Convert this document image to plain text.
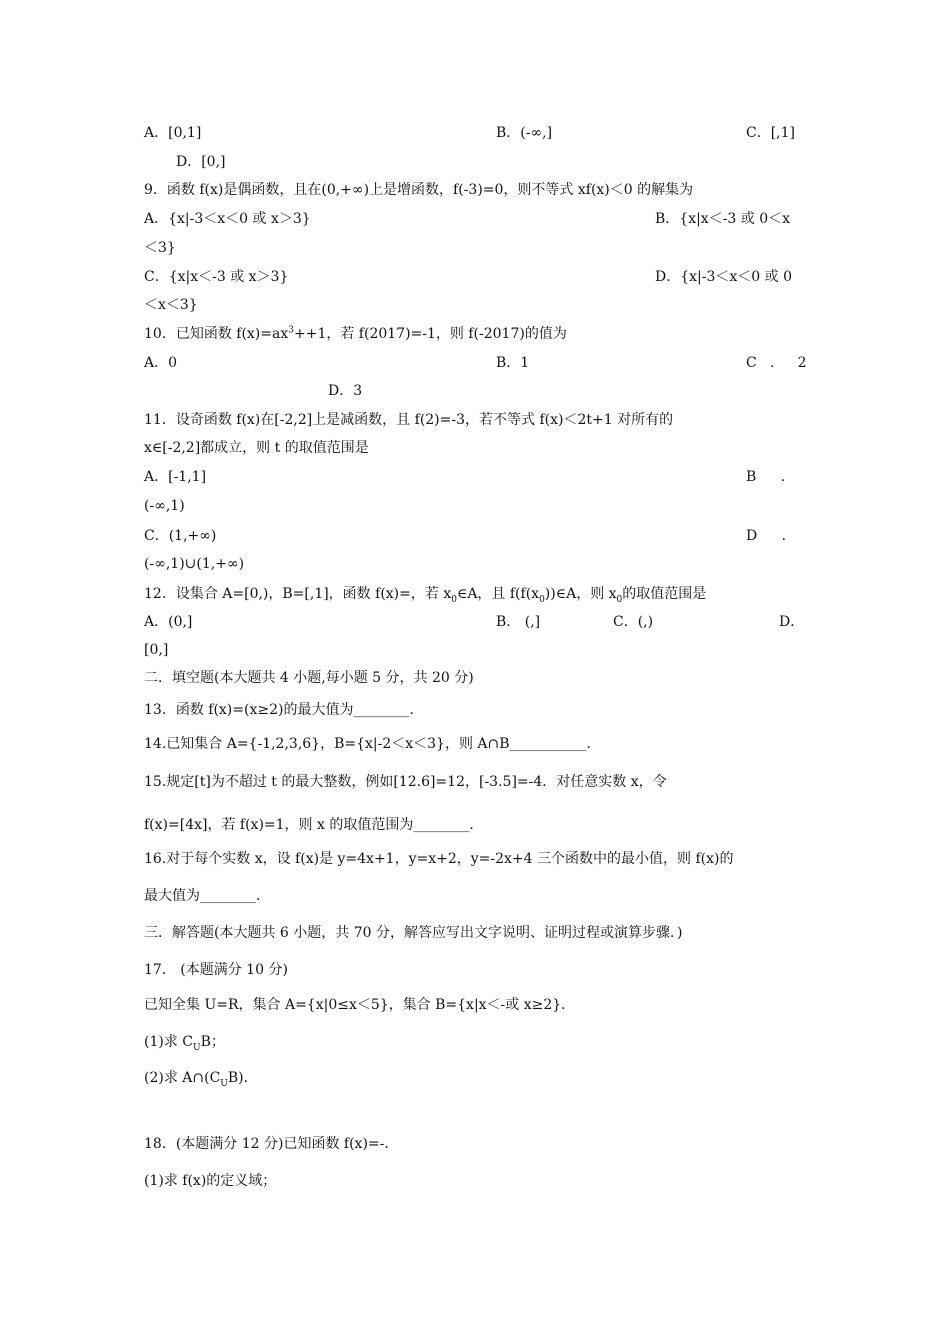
A．[0,1]	B．(-∞,]	C．[,1]
D．[0,]
9．函数 f(x)是偶函数，且在(0,+∞)上是增函数，f(-3)=0，则不等式 xf(x)＜0 的解集为
A．{x|-3＜x＜0 或 x＞3}	B．{x|x＜-3 或 0＜x
＜3}
C．{x|x＜-3 或 x＞3}	D．{x|-3＜x＜0 或 0
＜x＜3}
10．已知函数 $f(x)=ax^3++1$，若 f(2017)=-1，则 f(-2017)的值为
A．0	B．1	C ． 2
D．3
11．设奇函数 f(x)在[-2,2]上是减函数，且 f(2)=-3，若不等式 f(x)＜2t+1 对所有的
x∈[-2,2]都成立，则 t 的取值范围是
A．[-1,1]	B ．
(-∞,1)
C．(1,+∞)	D ．
(-∞,1)∪(1,+∞)
12．设集合 A=[0,)，B=[,1]，函数 f(x)=，若 $x_0\in A$，且 $f(f(x_0))\in A$，则 $x_0$的取值范围是
A．(0,]	B． (,]	C．(,)	D．
[0,]
二．填空题(本大题共 4 小题,每小题 5 分，共 20 分)
13．函数 f(x)=(x≥2)的最大值为________．
14.已知集合 A={-1,2,3,6}，B={x|-2＜x＜3}，则 A∩B___________．
15.规定[t]为不超过 t 的最大整数，例如[12.6]=12，[-3.5]=-4．对任意实数 x，令
f(x)=[4x]，若 f(x)=1，则 x 的取值范围为________．
16.对于每个实数 x，设 f(x)是 y=4x+1，y=x+2，y=-2x+4 三个函数中的最小值，则 f(x)的
最大值为________．
三．解答题(本大题共 6 小题，共 70 分，解答应写出文字说明、证明过程或演算步骤．)
17． (本题满分 10 分)
已知全集 U=R，集合 A={x|0≤x＜5}，集合 B={x|x＜-或 x≥2}．
(1)求 $C_UB$；
(2)求 $A\cap(C_UB)$．
18．(本题满分 12 分)已知函数 f(x)=-．
(1)求 f(x)的定义域；
